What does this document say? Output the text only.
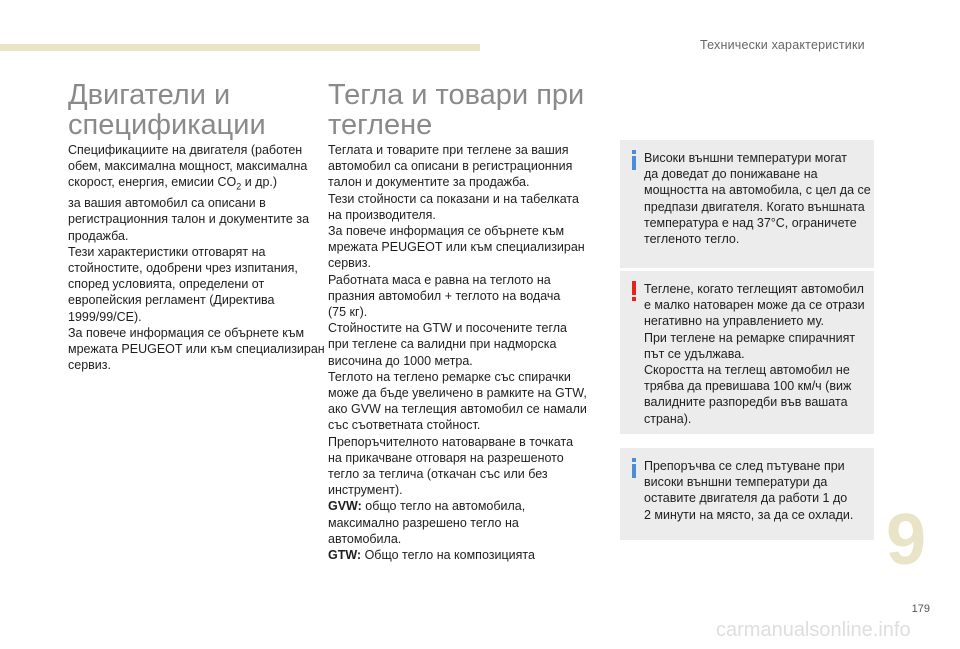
Технически характеристики
Двигатели и
спецификации
Спецификациите на двигателя (работен
обем, максимална мощност, максимална
скорост, енергия, емисии $CO_2$ и др.)
за вашия автомобил са описани в
регистрационния талон и документите за
продажба.
Тези характеристики отговарят на
стойностите, одобрени чрез изпитания,
според условията, определени от
европейския регламент (Директива
1999/99/CE).
За повече информация се обърнете към
мрежата PEUGEOT или към специализиран
сервиз.
Тегла и товари при
теглене
Теглата и товарите при теглене за вашия
автомобил са описани в регистрационния
талон и документите за продажба.
Тези стойности са показани и на табелката
на производителя.
За повече информация се обърнете към
мрежата PEUGEOT или към специализиран
сервиз.
Работната маса е равна на теглото на
празния автомобил + теглото на водача
(75 кг).
Стойностите на GTW и посочените тегла
при теглене са валидни при надморска
височина до 1000 метра.
Теглото на теглено ремарке със спирачки
може да бъде увеличено в рамките на GTW,
ако GVW на теглещия автомобил се намали
със съответната стойност.
Препоръчителното натоварване в точката
на прикачване отговаря на разрешеното
тегло за теглича (откачан със или без
инструмент).
GVW: общо тегло на автомобила,
максимално разрешено тегло на
автомобила.
GTW: Общо тегло на композицията
Високи външни температури могат
да доведат до понижаване на
мощността на автомобила, с цел да се
предпази двигателя. Когато външната
температура е над 37°C, ограничете
тегленото тегло.
Теглене, когато теглещият автомобил
е малко натоварен може да се отрази
негативно на управлението му.
При теглене на ремарке спирачният
път се удължава.
Скоростта на теглещ автомобил не
трябва да превишава 100 км/ч (виж
валидните разпоредби във вашата
страна).
Препоръчва се след пътуване при
високи външни температури да
оставите двигателя да работи 1 до
2 минути на място, за да се охлади. 9
179
carmanualsonline.info
